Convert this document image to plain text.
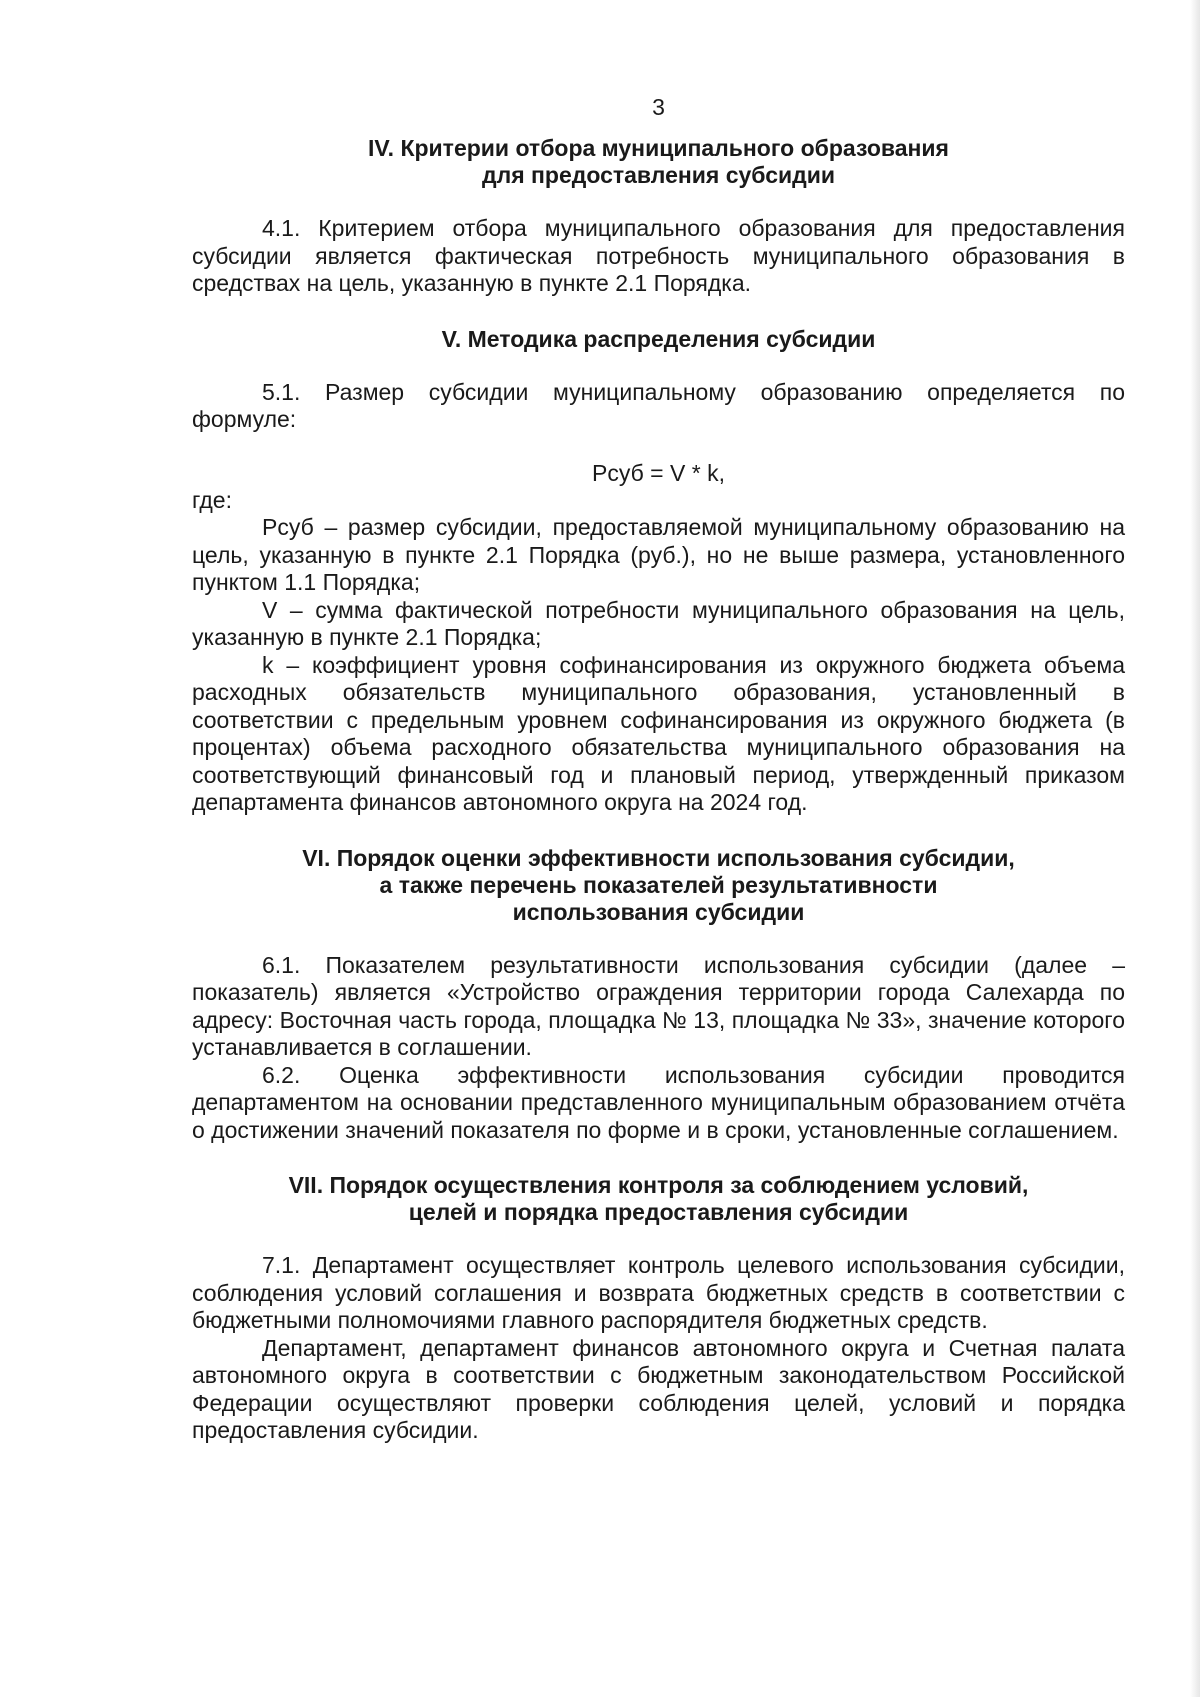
3
IV. Критерии отбора муниципального образования
для предоставления субсидии

4.1. Критерием отбора муниципального образования для предоставления субсидии является фактическая потребность муниципального образования в средствах на цель, указанную в пункте 2.1 Порядка.

V. Методика распределения субсидии

5.1. Размер субсидии муниципальному образованию определяется по формуле:

Рсуб = V * k,

где:

Рсуб – размер субсидии, предоставляемой муниципальному образованию на цель, указанную в пункте 2.1 Порядка (руб.), но не выше размера, установленного пунктом 1.1 Порядка;

V – сумма фактической потребности муниципального образования на цель, указанную в пункте 2.1 Порядка;

k – коэффициент уровня софинансирования из окружного бюджета объема расходных обязательств муниципального образования, установленный в соответствии с предельным уровнем софинансирования из окружного бюджета (в процентах) объема расходного обязательства муниципального образования на соответствующий финансовый год и плановый период, утвержденный приказом департамента финансов автономного округа на 2024 год.

VI. Порядок оценки эффективности использования субсидии,
а также перечень показателей результативности
использования субсидии

6.1. Показателем результативности использования субсидии (далее – показатель) является «Устройство ограждения территории города Салехарда по адресу: Восточная часть города, площадка № 13, площадка № 33», значение которого устанавливается в соглашении.

6.2. Оценка эффективности использования субсидии проводится департаментом на основании представленного муниципальным образованием отчёта о достижении значений показателя по форме и в сроки, установленные соглашением.

VII. Порядок осуществления контроля за соблюдением условий,
целей и порядка предоставления субсидии

7.1. Департамент осуществляет контроль целевого использования субсидии, соблюдения условий соглашения и возврата бюджетных средств в соответствии с бюджетными полномочиями главного распорядителя бюджетных средств.

Департамент, департамент финансов автономного округа и Счетная палата автономного округа в соответствии с бюджетным законодательством Российской Федерации осуществляют проверки соблюдения целей, условий и порядка предоставления субсидии.
